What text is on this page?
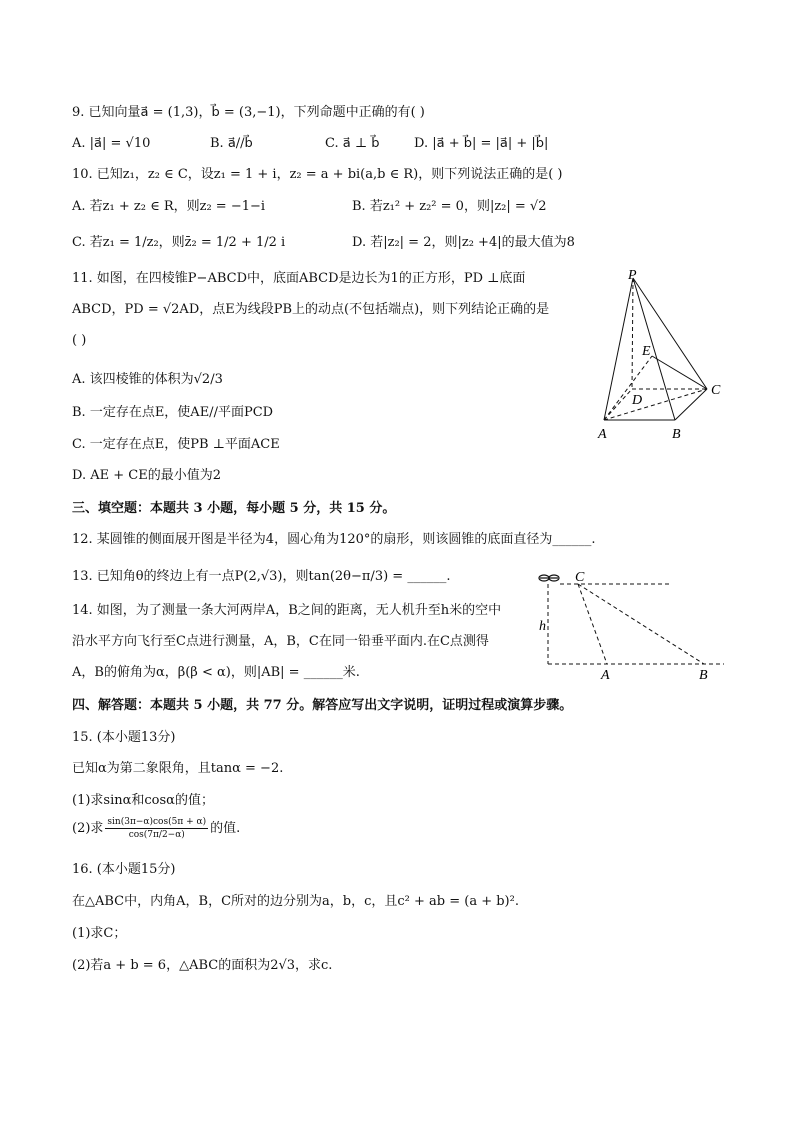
9. 已知向量a⃗ = (1,3)，b⃗ = (3,−1)，下列命题中正确的有( )
A. |a⃗| = √10	B. a⃗//b⃗	C. a⃗ ⊥ b⃗	D. |a⃗ + b⃗| = |a⃗| + |b⃗|
10. 已知z₁，z₂ ∈ C，设z₁ = 1 + i，z₂ = a + bi(a,b ∈ R)，则下列说法正确的是( )
A. 若z₁ + z₂ ∈ R，则z₂ = −1−i	B. 若z₁² + z₂² = 0，则|z₂| = √2
C. 若z₁ = 1/z₂，则z̄₂ = 1/2 + 1/2 i	D. 若|z₂| = 2，则|z₂ +4|的最大值为8
11. 如图，在四棱锥P−ABCD中，底面ABCD是边长为1的正方形，PD ⊥底面
ABCD，PD = √2AD，点E为线段PB上的动点(不包括端点)，则下列结论正确的是
( )
A. 该四棱锥的体积为√2/3
B. 一定存在点E，使AE//平面PCD
C. 一定存在点E，使PB ⊥平面ACE
D. AE + CE的最小值为2
P
E
C
D
A	B
三、填空题：本题共 3 小题，每小题 5 分，共 15 分。
12. 某圆锥的侧面展开图是半径为4，圆心角为120°的扇形，则该圆锥的底面直径为______.
13. 已知角θ的终边上有一点P(2,√3)，则tan(2θ−π/3) = ______.
14. 如图，为了测量一条大河两岸A，B之间的距离，无人机升至h米的空中
沿水平方向飞行至C点进行测量，A，B，C在同一铅垂平面内.在C点测得
A，B的俯角为α，β(β < α)，则|AB| = ______米.
C
h
A	B
四、解答题：本题共 5 小题，共 77 分。解答应写出文字说明，证明过程或演算步骤。
15. (本小题13分)
已知α为第二象限角，且tanα = −2.
(1)求sinα和cosα的值；
(2)求 $\frac{\sin(3\pi-\alpha)\cos(5\pi + \alpha)}{\cos(7\pi/2-\alpha)}$ 的值.
16. (本小题15分)
在△ABC中，内角A，B，C所对的边分别为a，b，c，且c² + ab = (a + b)².
(1)求C；
(2)若a + b = 6，△ABC的面积为2√3，求c.
